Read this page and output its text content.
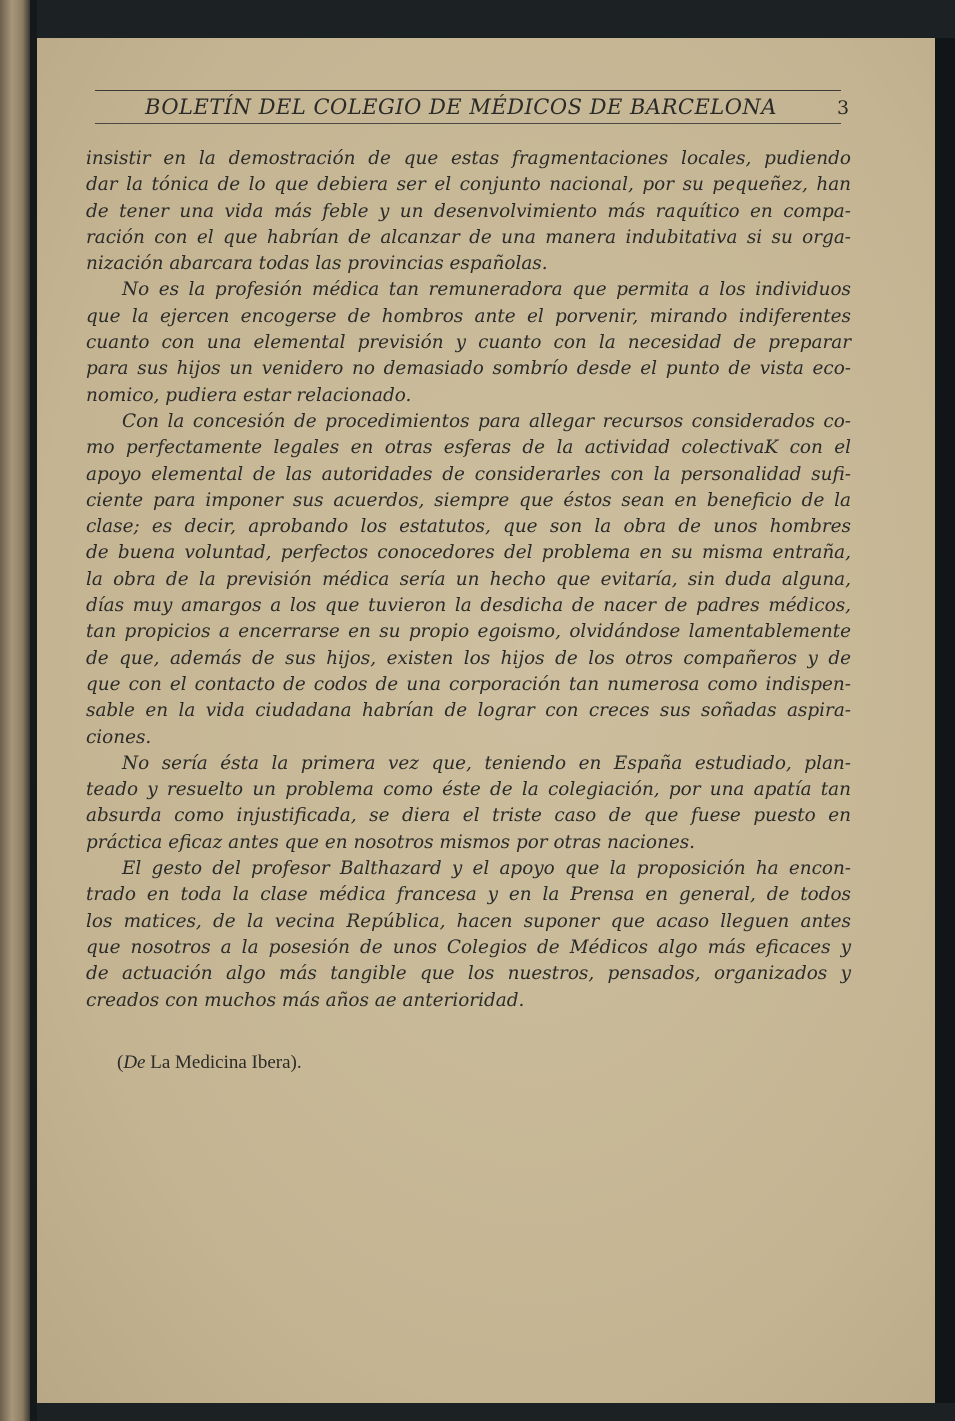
BOLETÍN DEL COLEGIO DE MÉDICOS DE BARCELONA	3

insistir en la demostración de que estas fragmentaciones locales, pudiendo
dar la tónica de lo que debiera ser el conjunto nacional, por su pequeñez, han
de tener una vida más feble y un desenvolvimiento más raquítico en compa-
ración con el que habrían de alcanzar de una manera indubitativa si su orga-
nización abarcara todas las provincias españolas.

No es la profesión médica tan remuneradora que permita a los individuos
que la ejercen encogerse de hombros ante el porvenir, mirando indiferentes
cuanto con una elemental previsión y cuanto con la necesidad de preparar
para sus hijos un venidero no demasiado sombrío desde el punto de vista eco-
nomico, pudiera estar relacionado.

Con la concesión de procedimientos para allegar recursos considerados co-
mo perfectamente legales en otras esferas de la actividad colectivaK con el
apoyo elemental de las autoridades de considerarles con la personalidad sufi-
ciente para imponer sus acuerdos, siempre que éstos sean en beneficio de la
clase; es decir, aprobando los estatutos, que son la obra de unos hombres
de buena voluntad, perfectos conocedores del problema en su misma entraña,
la obra de la previsión médica sería un hecho que evitaría, sin duda alguna,
días muy amargos a los que tuvieron la desdicha de nacer de padres médicos,
tan propicios a encerrarse en su propio egoismo, olvidándose lamentablemente
de que, además de sus hijos, existen los hijos de los otros compañeros y de
que con el contacto de codos de una corporación tan numerosa como indispen-
sable en la vida ciudadana habrían de lograr con creces sus soñadas aspira-
ciones.

No sería ésta la primera vez que, teniendo en España estudiado, plan-
teado y resuelto un problema como éste de la colegiación, por una apatía tan
absurda como injustificada, se diera el triste caso de que fuese puesto en
práctica eficaz antes que en nosotros mismos por otras naciones.

El gesto del profesor Balthazard y el apoyo que la proposición ha encon-
trado en toda la clase médica francesa y en la Prensa en general, de todos
los matices, de la vecina República, hacen suponer que acaso lleguen antes
que nosotros a la posesión de unos Colegios de Médicos algo más eficaces y
de actuación algo más tangible que los nuestros, pensados, organizados y
creados con muchos más años ae anterioridad.

(De La Medicina Ibera).
